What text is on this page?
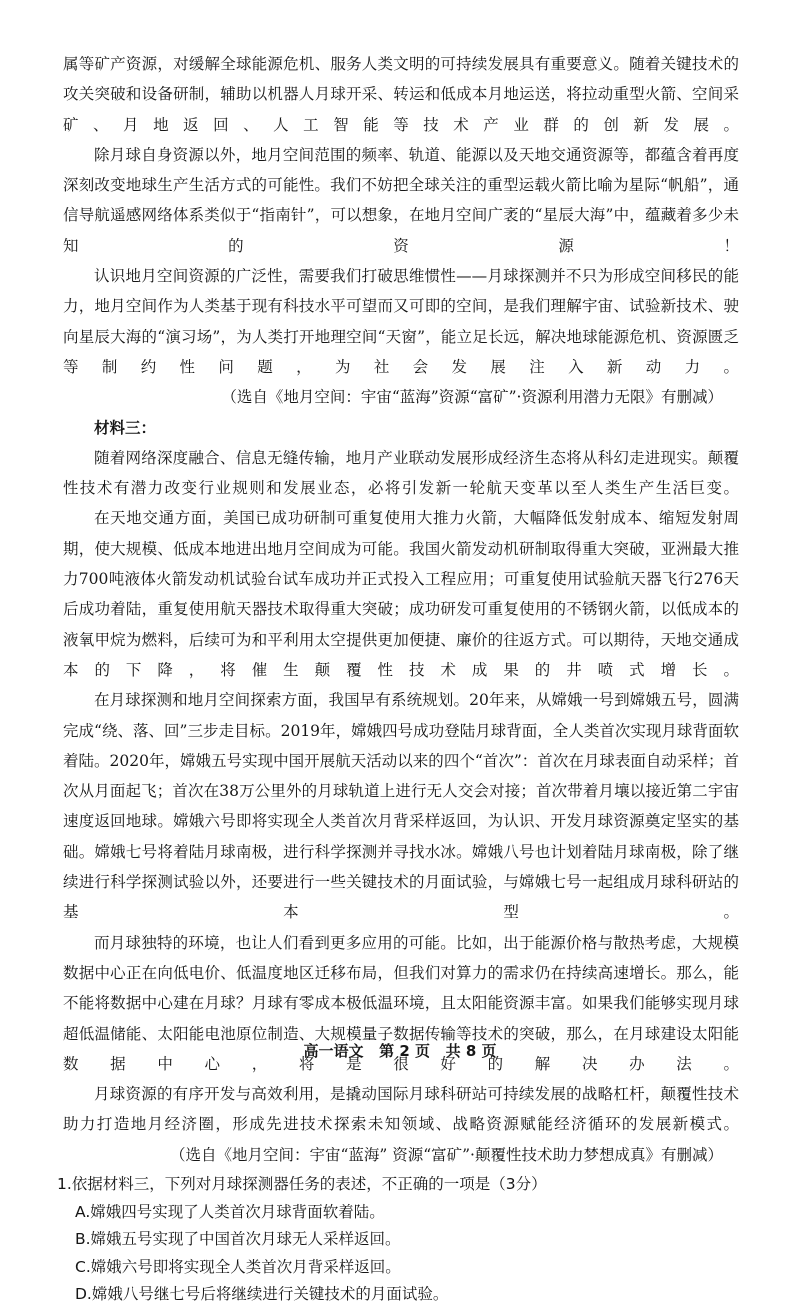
属等矿产资源，对缓解全球能源危机、服务人类文明的可持续发展具有重要意义。随着关键技术的攻关突破和设备研制，辅助以机器人月球开采、转运和低成本月地运送，将拉动重型火箭、空间采矿、月地返回、人工智能等技术产业群的创新发展。

除月球自身资源以外，地月空间范围的频率、轨道、能源以及天地交通资源等，都蕴含着再度深刻改变地球生产生活方式的可能性。我们不妨把全球关注的重型运载火箭比喻为星际“帆船”，通信导航遥感网络体系类似于“指南针”，可以想象，在地月空间广袤的“星辰大海”中，蕴藏着多少未知的资源！

认识地月空间资源的广泛性，需要我们打破思维惯性——月球探测并不只为形成空间移民的能力，地月空间作为人类基于现有科技水平可望而又可即的空间，是我们理解宇宙、试验新技术、驶向星辰大海的“演习场”，为人类打开地理空间“天窗”，能立足长远，解决地球能源危机、资源匮乏等制约性问题，为社会发展注入新动力。

（选自《地月空间：宇宙“蓝海”资源“富矿”·资源利用潜力无限》有删减）

材料三：

随着网络深度融合、信息无缝传输，地月产业联动发展形成经济生态将从科幻走进现实。颠覆性技术有潜力改变行业规则和发展业态，必将引发新一轮航天变革以至人类生产生活巨变。

在天地交通方面，美国已成功研制可重复使用大推力火箭，大幅降低发射成本、缩短发射周期，使大规模、低成本地进出地月空间成为可能。我国火箭发动机研制取得重大突破，亚洲最大推力700吨液体火箭发动机试验台试车成功并正式投入工程应用；可重复使用试验航天器飞行276天后成功着陆，重复使用航天器技术取得重大突破；成功研发可重复使用的不锈钢火箭，以低成本的液氧甲烷为燃料，后续可为和平利用太空提供更加便捷、廉价的往返方式。可以期待，天地交通成本的下降，将催生颠覆性技术成果的井喷式增长。

在月球探测和地月空间探索方面，我国早有系统规划。20年来，从嫦娥一号到嫦娥五号，圆满完成“绕、落、回”三步走目标。2019年，嫦娥四号成功登陆月球背面，全人类首次实现月球背面软着陆。2020年，嫦娥五号实现中国开展航天活动以来的四个“首次”：首次在月球表面自动采样；首次从月面起飞；首次在38万公里外的月球轨道上进行无人交会对接；首次带着月壤以接近第二宇宙速度返回地球。嫦娥六号即将实现全人类首次月背采样返回，为认识、开发月球资源奠定坚实的基础。嫦娥七号将着陆月球南极，进行科学探测并寻找水冰。嫦娥八号也计划着陆月球南极，除了继续进行科学探测试验以外，还要进行一些关键技术的月面试验，与嫦娥七号一起组成月球科研站的基本型。

而月球独特的环境，也让人们看到更多应用的可能。比如，出于能源价格与散热考虑，大规模数据中心正在向低电价、低温度地区迁移布局，但我们对算力的需求仍在持续高速增长。那么，能不能将数据中心建在月球？月球有零成本极低温环境，且太阳能资源丰富。如果我们能够实现月球超低温储能、太阳能电池原位制造、大规模量子数据传输等技术的突破，那么，在月球建设太阳能数据中心，将是很好的解决办法。

月球资源的有序开发与高效利用，是撬动国际月球科研站可持续发展的战略杠杆，颠覆性技术助力打造地月经济圈，形成先进技术探索未知领域、战略资源赋能经济循环的发展新模式。

（选自《地月空间：宇宙“蓝海” 资源“富矿”·颠覆性技术助力梦想成真》有删减）

1.依据材料三，下列对月球探测器任务的表述，不正确的一项是（3分）
A.嫦娥四号实现了人类首次月球背面软着陆。
B.嫦娥五号实现了中国首次月球无人采样返回。
C.嫦娥六号即将实现全人类首次月背采样返回。
D.嫦娥八号继七号后将继续进行关键技术的月面试验。
高一语文   第 2 页   共 8 页
